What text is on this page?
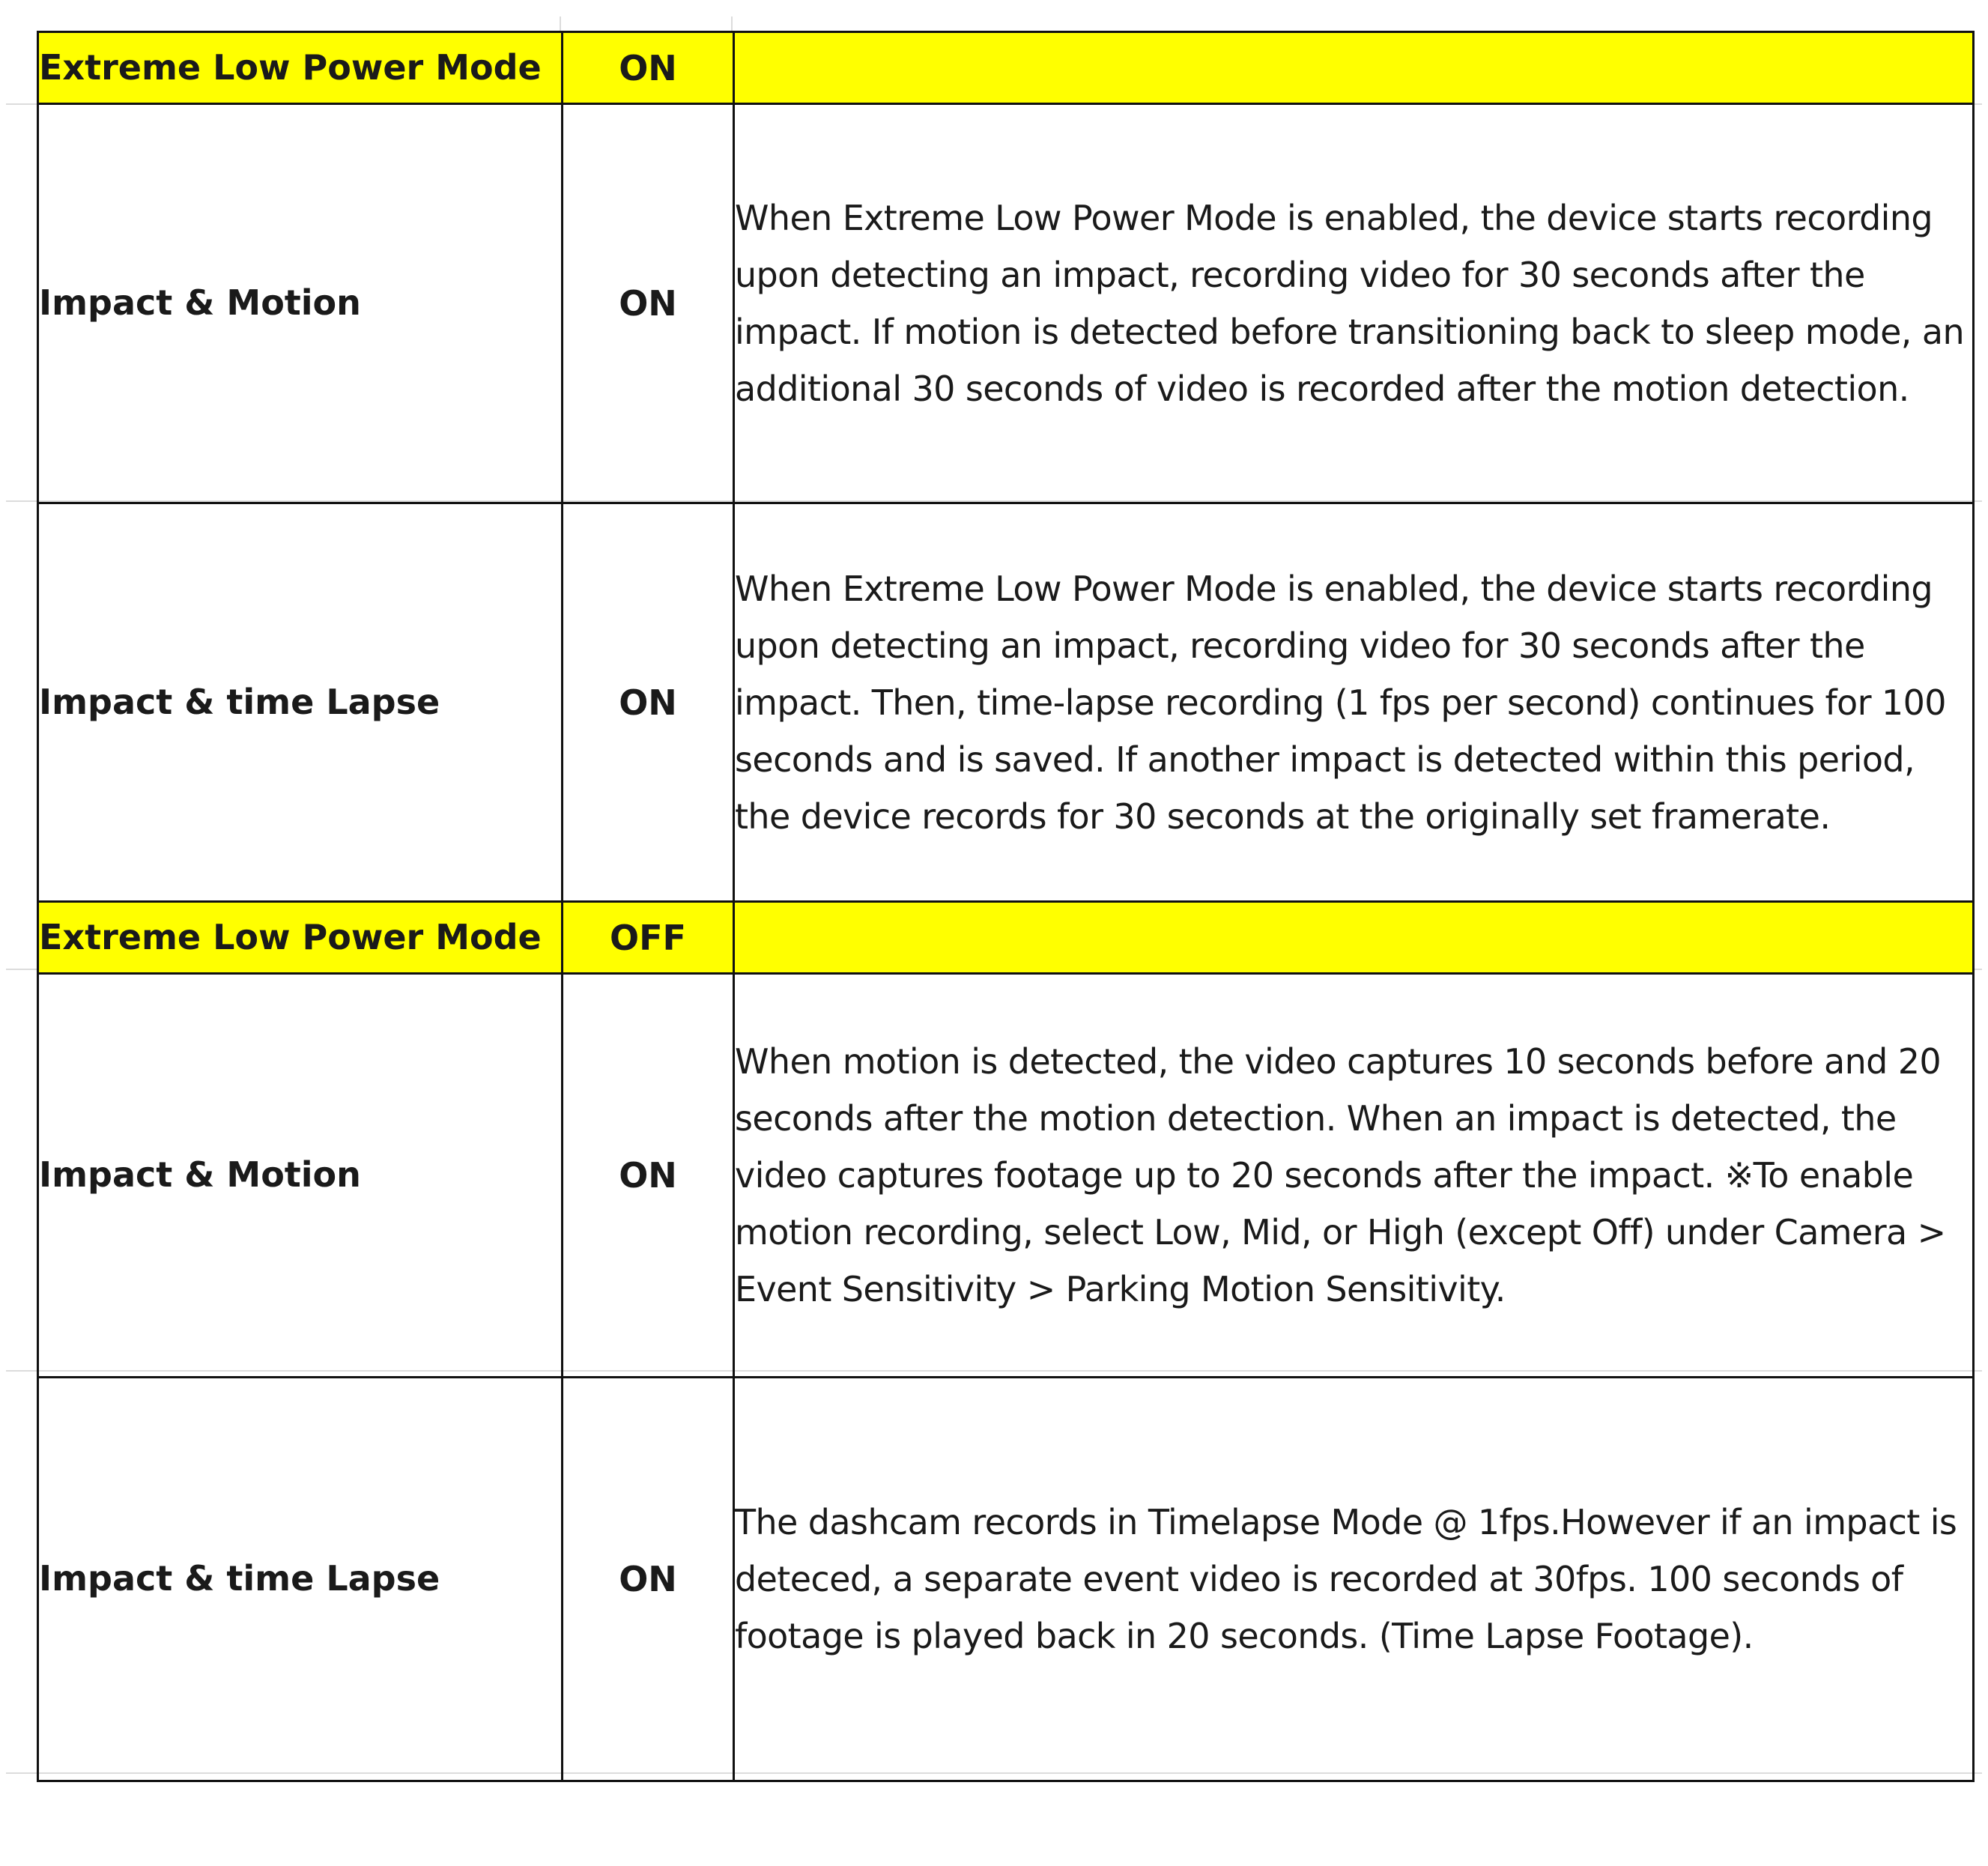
Extreme Low Power Mode	ON	
Impact & Motion	ON	When Extreme Low Power Mode is enabled, the device starts recording upon detecting an impact, recording video for 30 seconds after the impact. If motion is detected before transitioning back to sleep mode, an additional 30 seconds of video is recorded after the motion detection.
Impact & time Lapse	ON	When Extreme Low Power Mode is enabled, the device starts recording upon detecting an impact, recording video for 30 seconds after the impact. Then, time-lapse recording (1 fps per second) continues for 100 seconds and is saved. If another impact is detected within this period, the device records for 30 seconds at the originally set framerate.
Extreme Low Power Mode	OFF	
Impact & Motion	ON	When motion is detected, the video captures 10 seconds before and 20 seconds after the motion detection. When an impact is detected, the video captures footage up to 20 seconds after the impact. ※To enable motion recording, select Low, Mid, or High (except Off) under Camera > Event Sensitivity > Parking Motion Sensitivity.
Impact & time Lapse	ON	The dashcam records in Timelapse Mode @ 1fps.However if an impact is deteced, a separate event video is recorded at 30fps. 100 seconds of footage is played back in 20 seconds. (Time Lapse Footage).
